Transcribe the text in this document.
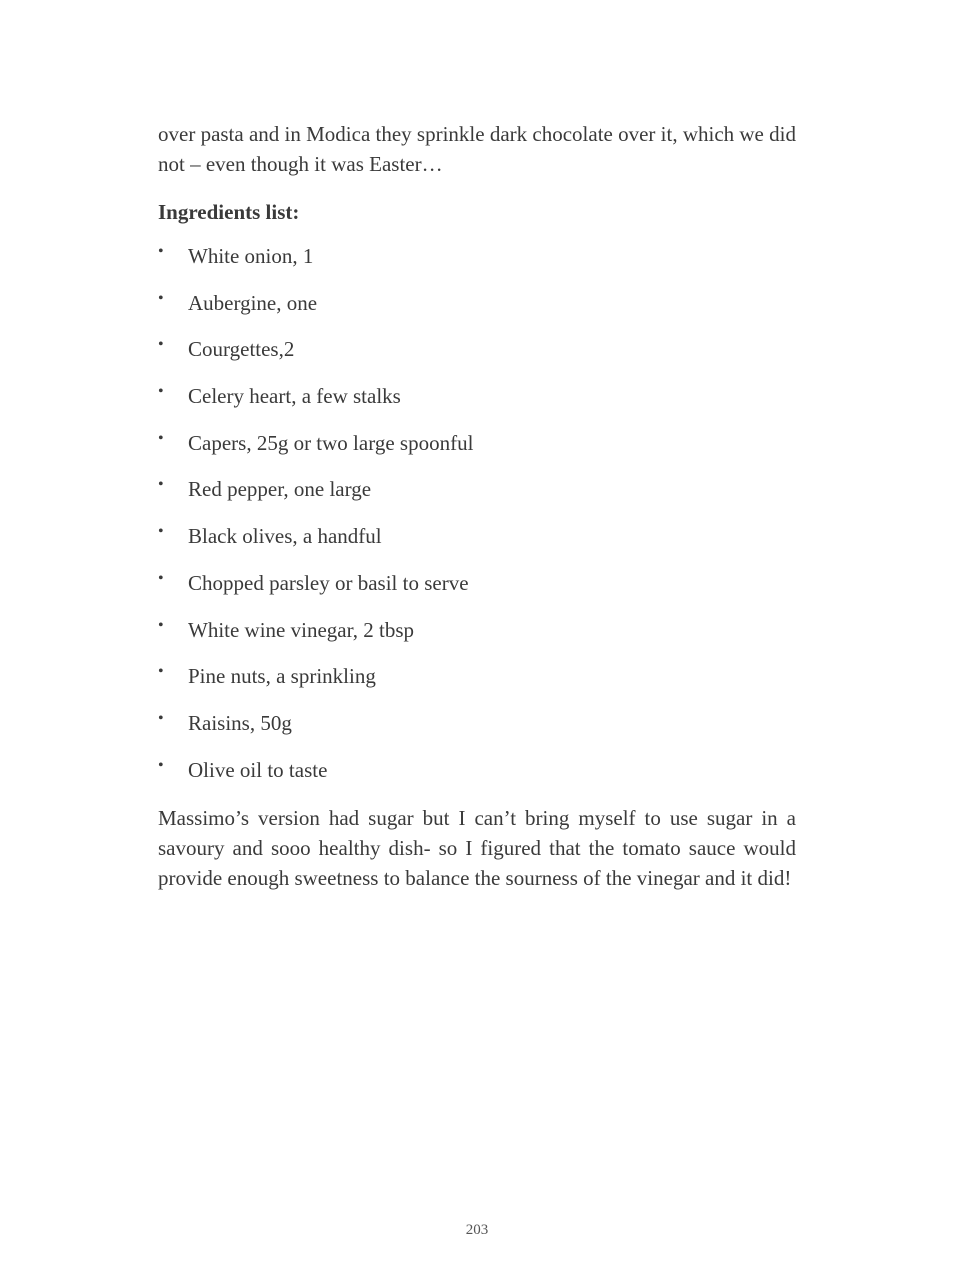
over pasta and in Modica they sprinkle dark chocolate over it, which we did not – even though it was Easter…

Ingredients list:
• White onion, 1
• Aubergine, one
• Courgettes,2
• Celery heart, a few stalks
• Capers, 25g or two large spoonful
• Red pepper, one large
• Black olives, a handful
• Chopped parsley or basil to serve
• White wine vinegar, 2 tbsp
• Pine nuts, a sprinkling
• Raisins, 50g
• Olive oil to taste

Massimo’s version had sugar but I can’t bring myself to use sugar in a savoury and sooo healthy dish- so I figured that the tomato sauce would provide enough sweetness to balance the sourness of the vinegar and it did!

203
